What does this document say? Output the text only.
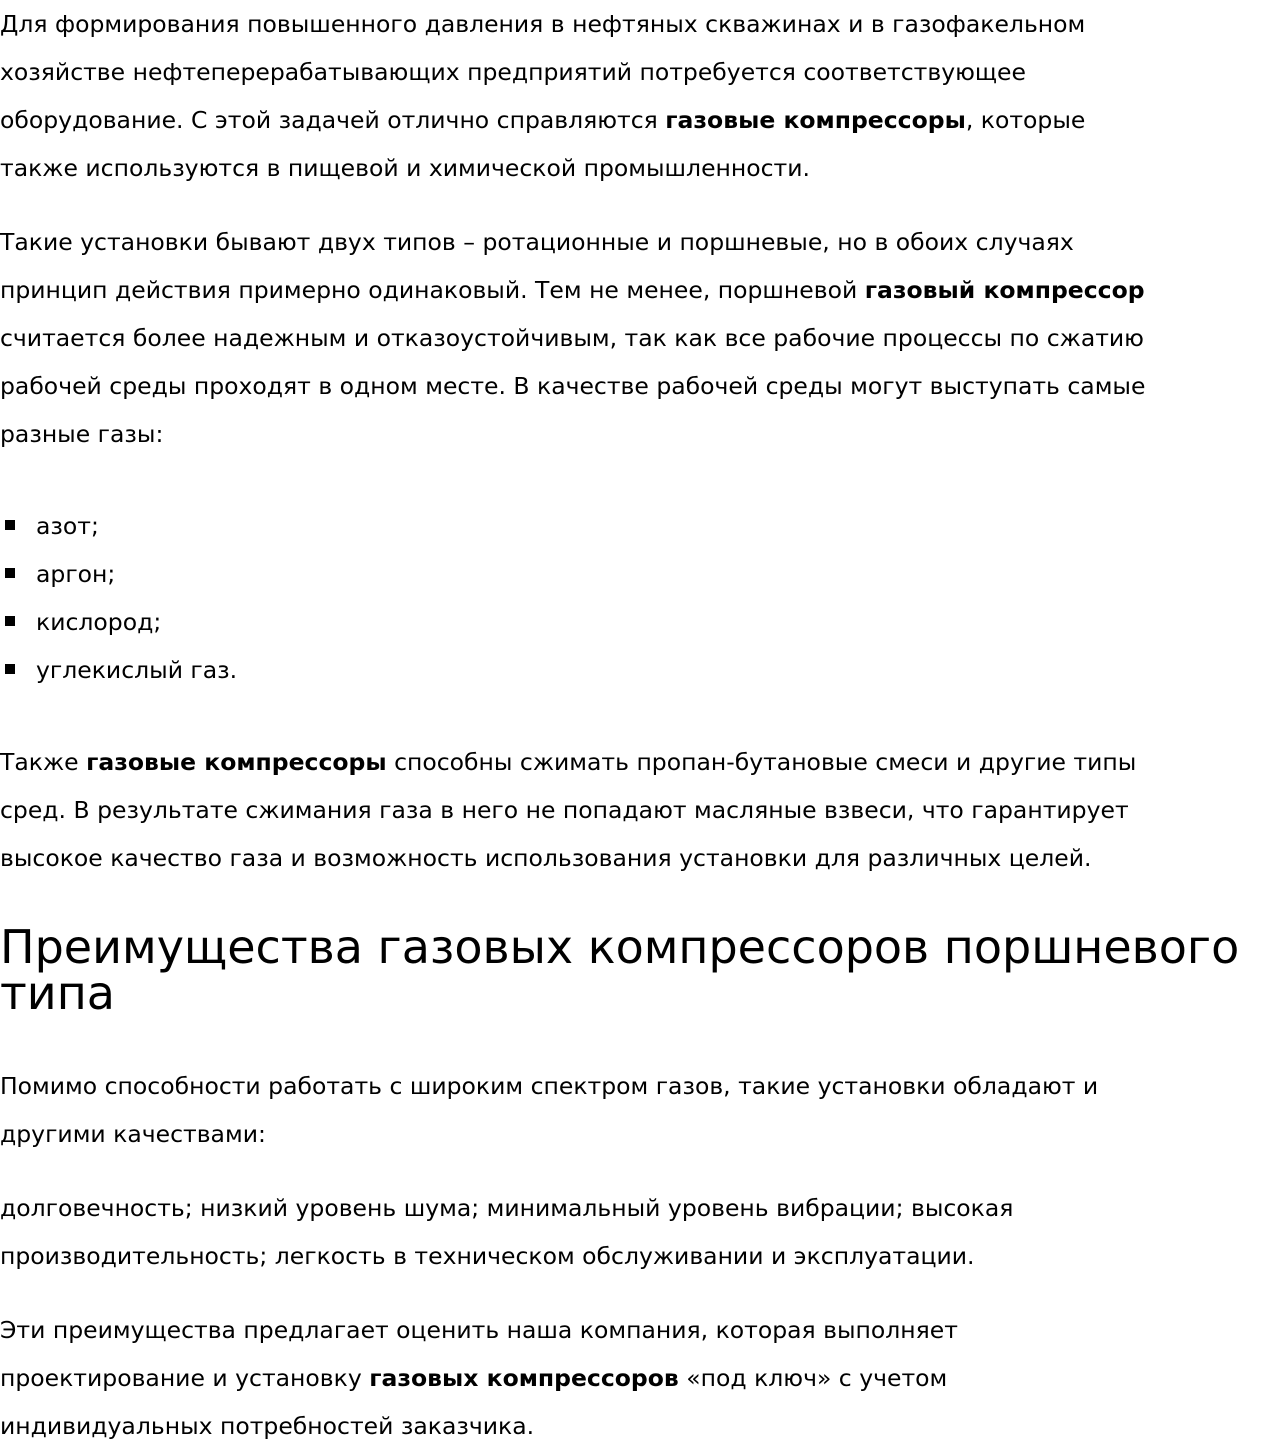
Для формирования повышенного давления в нефтяных скважинах и в газофакельном
хозяйстве нефтеперерабатывающих предприятий потребуется соответствующее
оборудование. С этой задачей отлично справляются газовые компрессоры, которые
также используются в пищевой и химической промышленности.

Такие установки бывают двух типов – ротационные и поршневые, но в обоих случаях
принцип действия примерно одинаковый. Тем не менее, поршневой газовый компрессор
считается более надежным и отказоустойчивым, так как все рабочие процессы по сжатию
рабочей среды проходят в одном месте. В качестве рабочей среды могут выступать самые
разные газы:

азот;
аргон;
кислород;
углекислый газ.

Также газовые компрессоры способны сжимать пропан-бутановые смеси и другие типы
сред. В результате сжимания газа в него не попадают масляные взвеси, что гарантирует
высокое качество газа и возможность использования установки для различных целей.

Преимущества газовых компрессоров поршневого
типа

Помимо способности работать с широким спектром газов, такие установки обладают и
другими качествами:

долговечность; низкий уровень шума; минимальный уровень вибрации; высокая
производительность; легкость в техническом обслуживании и эксплуатации.

Эти преимущества предлагает оценить наша компания, которая выполняет
проектирование и установку газовых компрессоров «под ключ» с учетом
индивидуальных потребностей заказчика.
